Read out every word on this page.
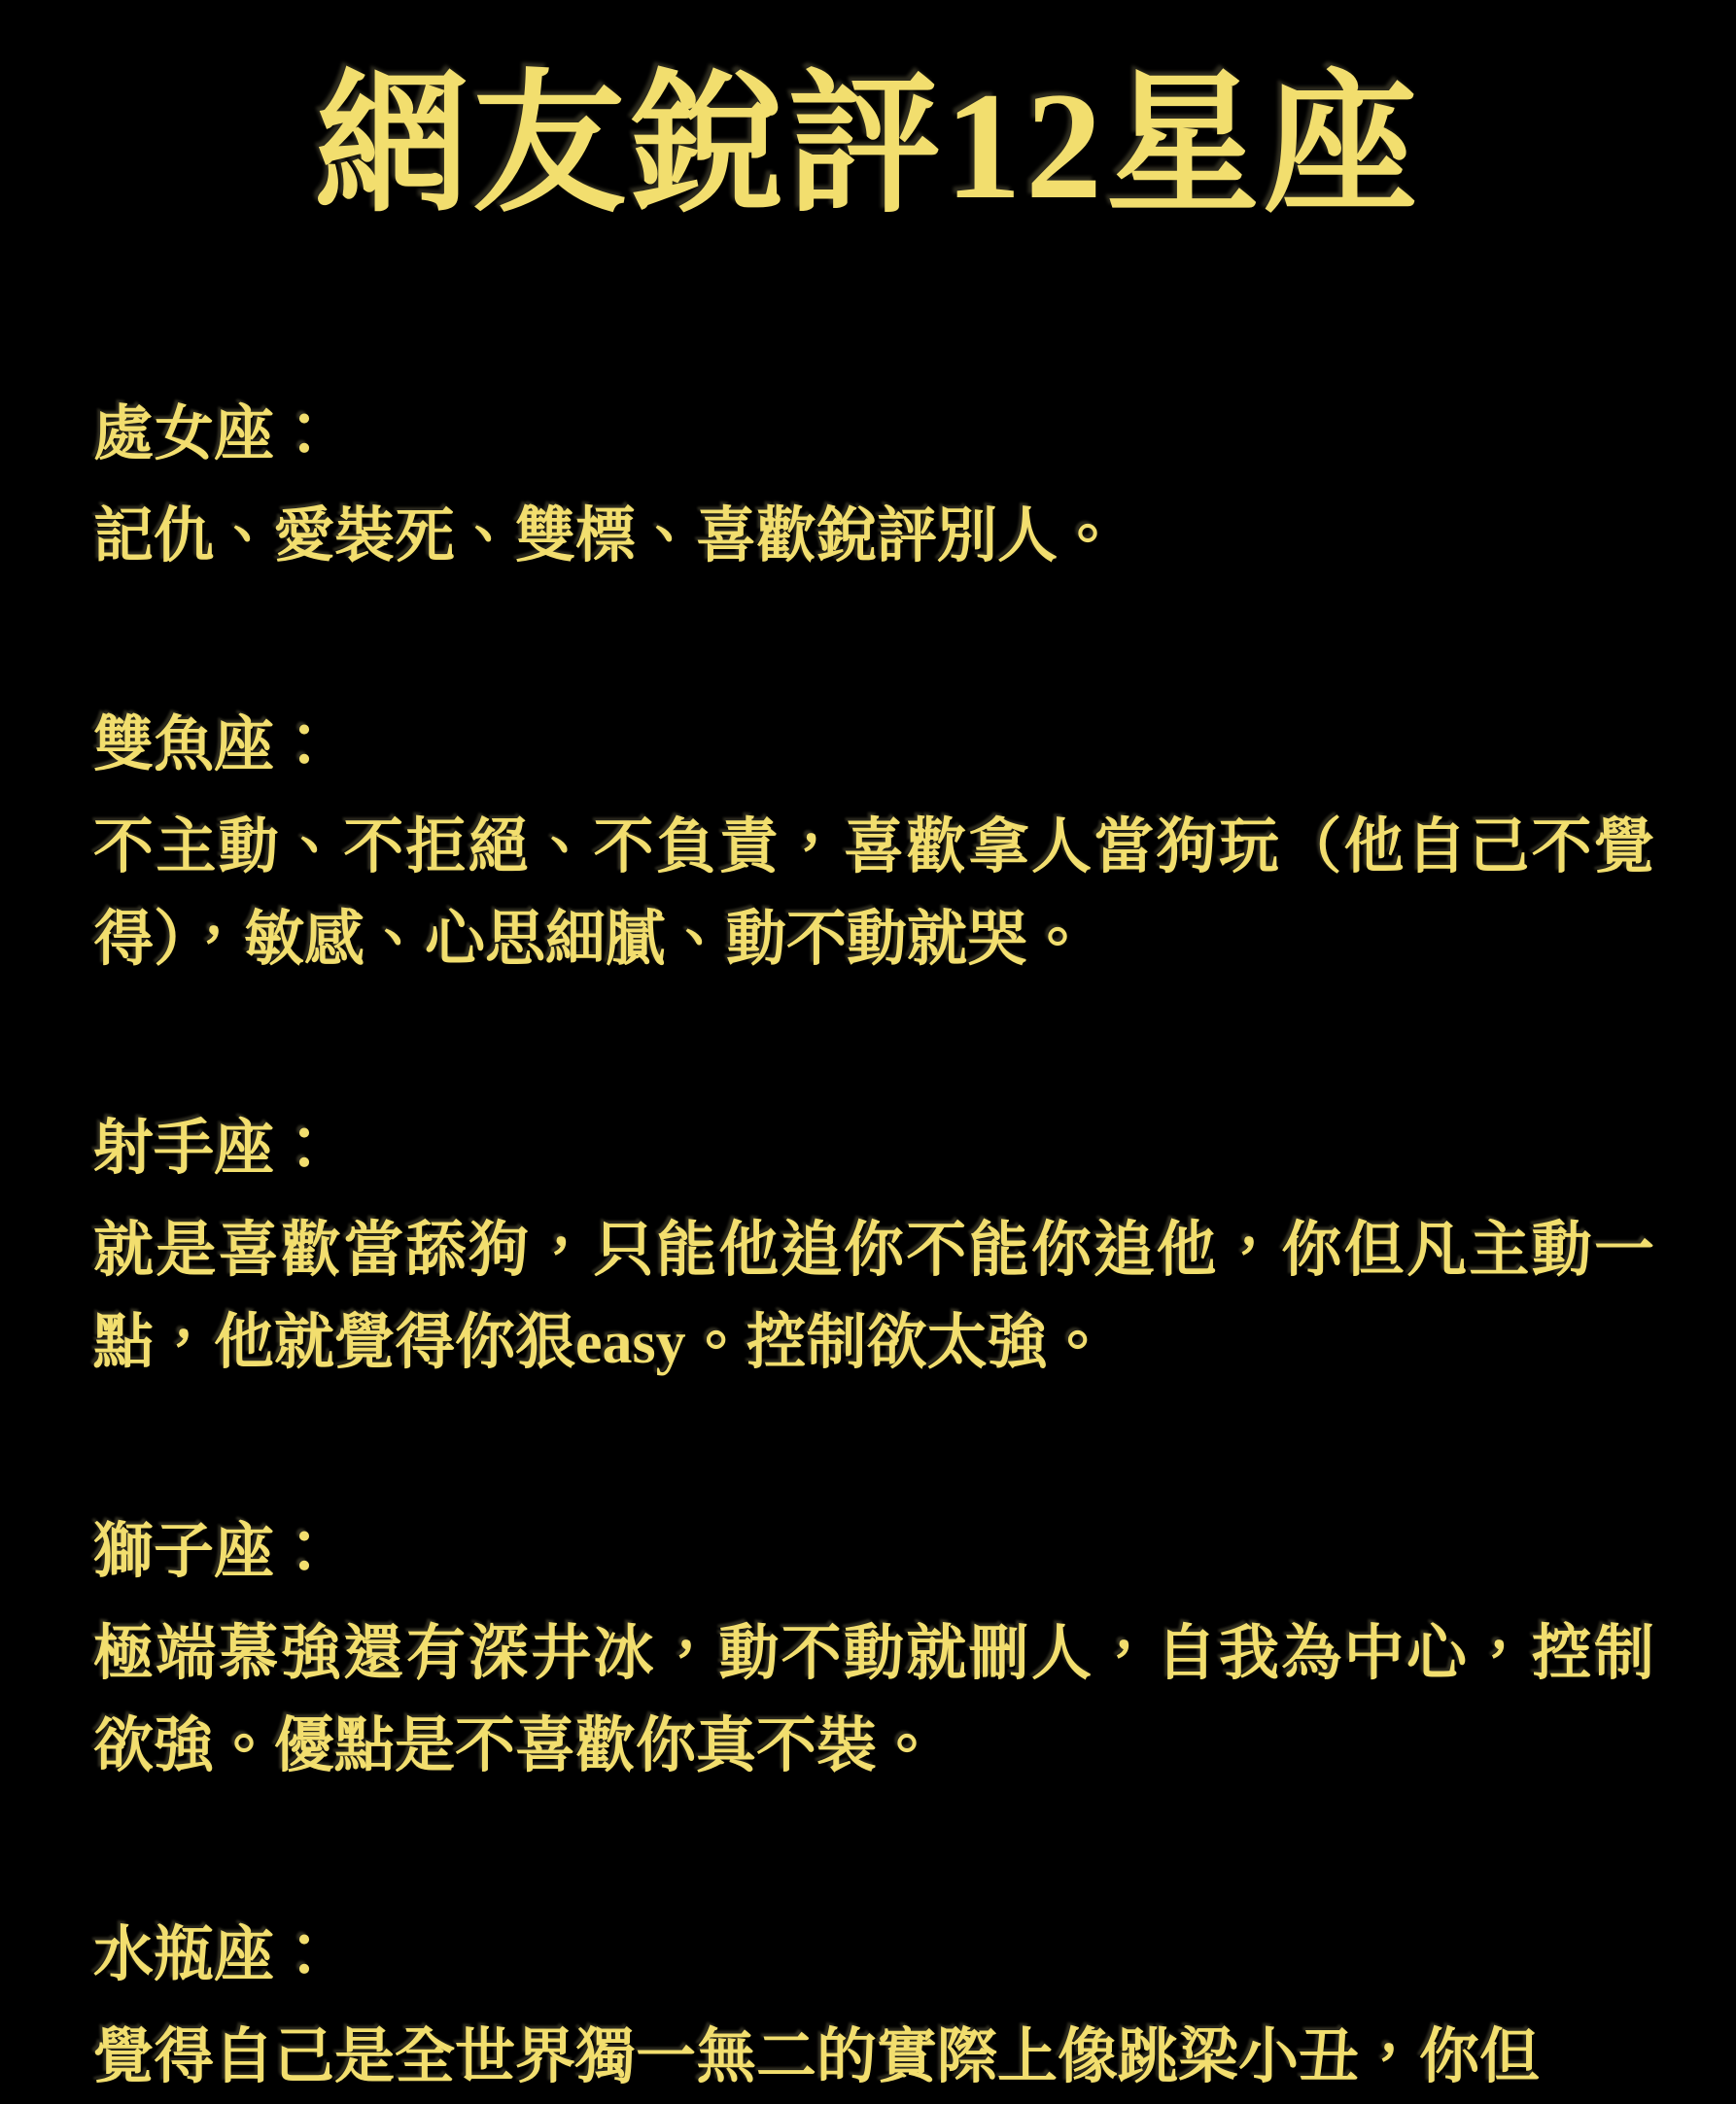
網友銳評12星座
處女座：
記仇、愛裝死、雙標、喜歡銳評別人。
雙魚座：
不主動、不拒絕、不負責，喜歡拿人當狗玩（他自己不覺得），敏感、心思細膩、動不動就哭。
射手座：
就是喜歡當舔狗，只能他追你不能你追他，你但凡主動一點，他就覺得你狠easy。控制欲太強。
獅子座：
極端慕強還有深井冰，動不動就刪人，自我為中心，控制欲強。優點是不喜歡你真不裝。
水瓶座：
覺得自己是全世界獨一無二的實際上像跳梁小丑，你但
